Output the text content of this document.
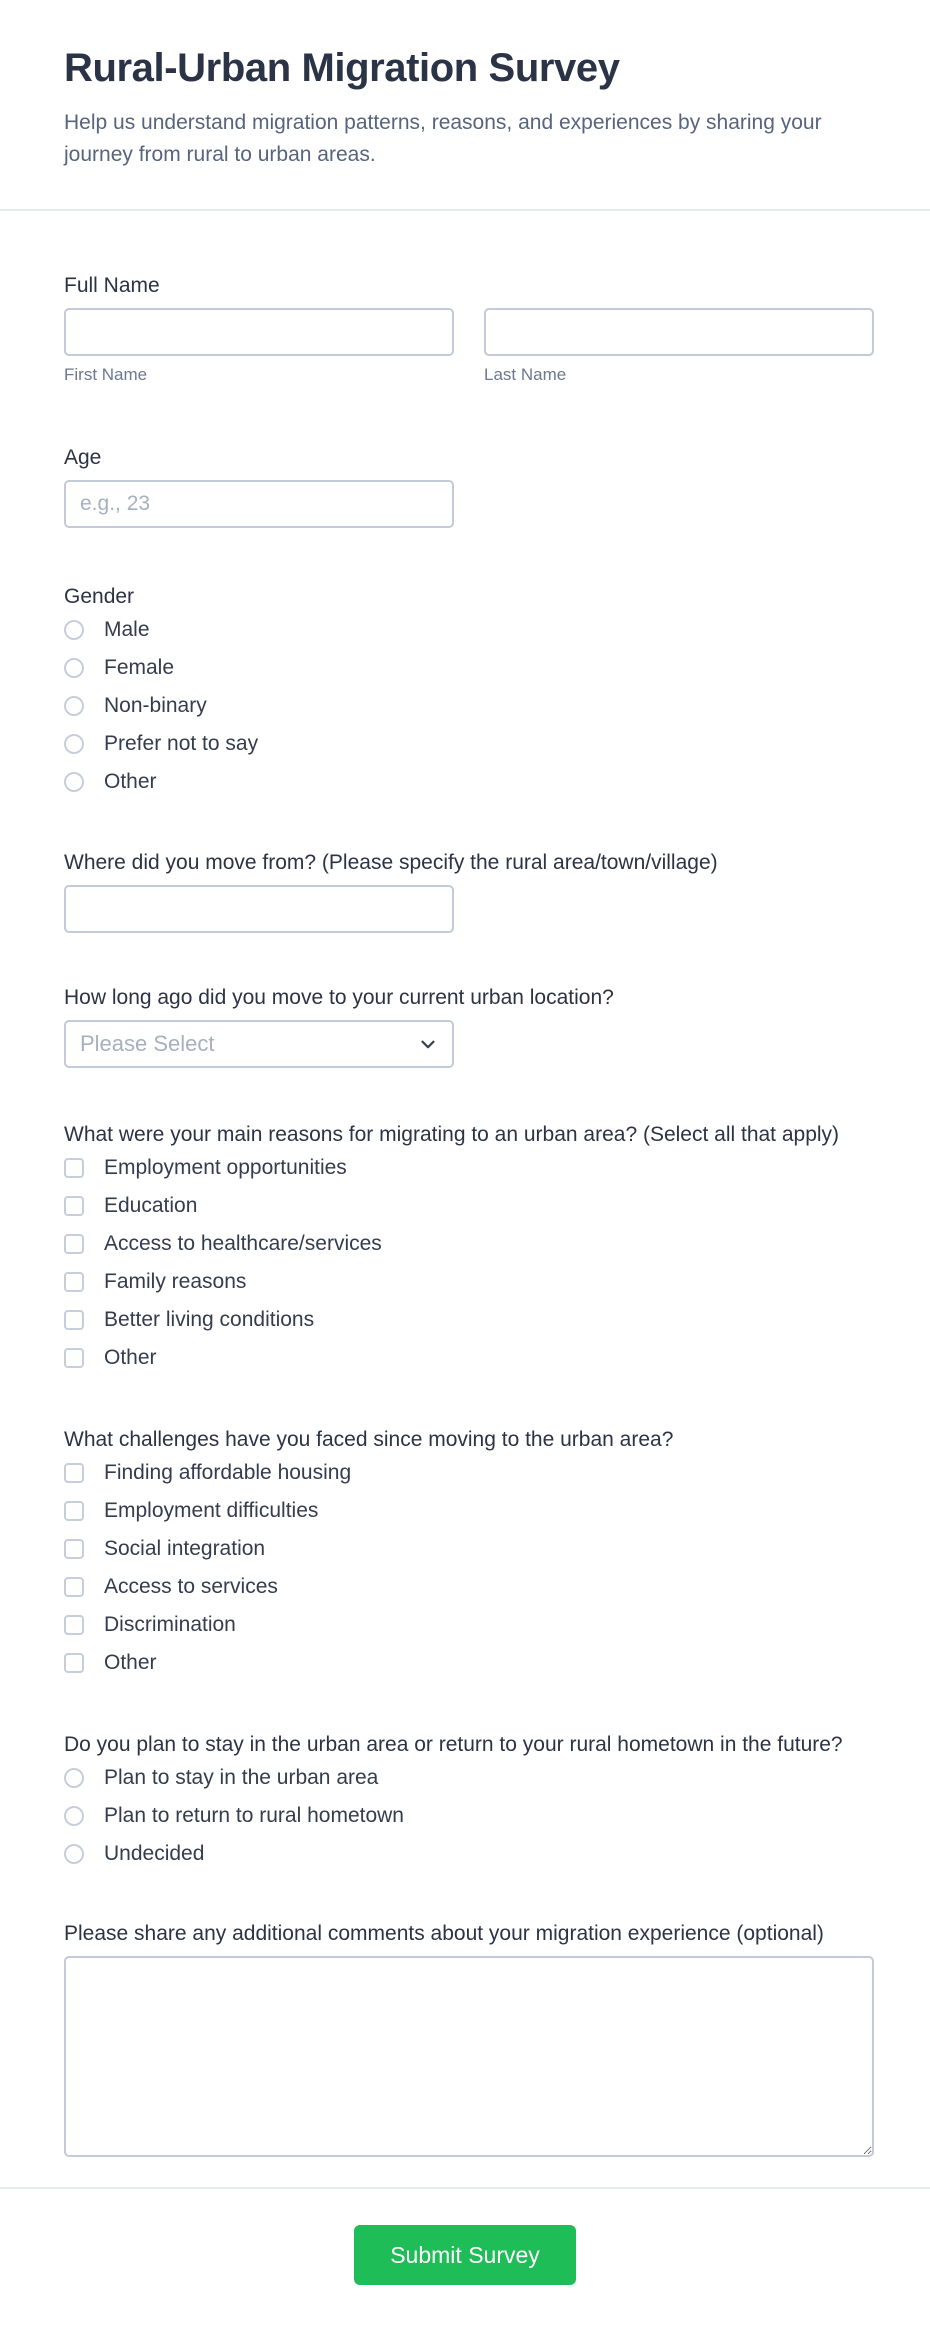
Rural-Urban Migration Survey

Help us understand migration patterns, reasons, and experiences by sharing your journey from rural to urban areas.

Full Name
First Name	Last Name
Age
e.g., 23
Gender
Male
Female
Non-binary
Prefer not to say
Other
Where did you move from? (Please specify the rural area/town/village)
How long ago did you move to your current urban location?
Please Select
What were your main reasons for migrating to an urban area? (Select all that apply)
Employment opportunities
Education
Access to healthcare/services
Family reasons
Better living conditions
Other
What challenges have you faced since moving to the urban area?
Finding affordable housing
Employment difficulties
Social integration
Access to services
Discrimination
Other
Do you plan to stay in the urban area or return to your rural hometown in the future?
Plan to stay in the urban area
Plan to return to rural hometown
Undecided
Please share any additional comments about your migration experience (optional)
Submit Survey
